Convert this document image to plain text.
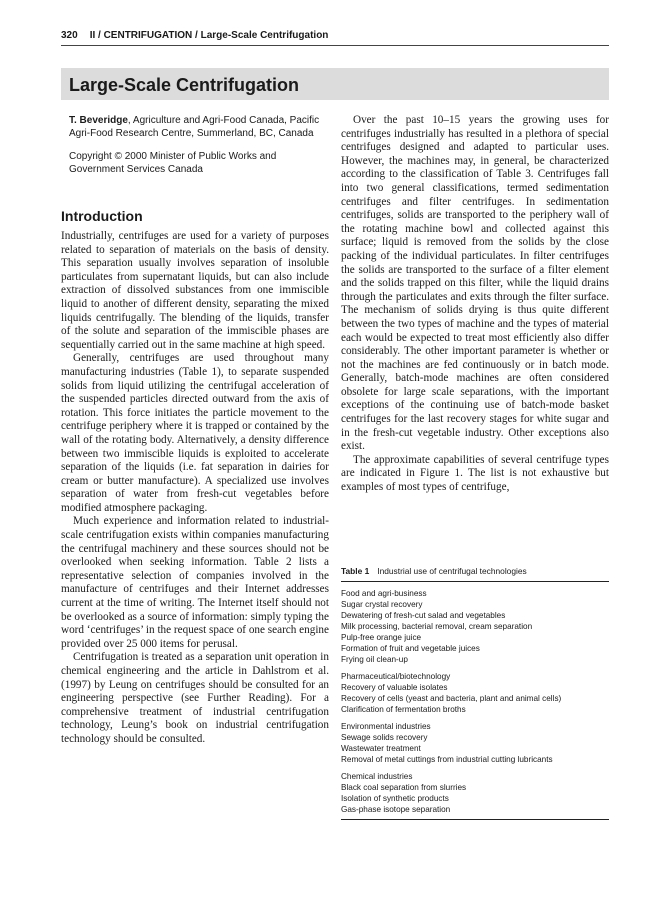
320 II / CENTRIFUGATION / Large-Scale Centrifugation
Large-Scale Centrifugation

T. Beveridge, Agriculture and Agri-Food Canada, Pacific Agri-Food Research Centre, Summerland, BC, Canada

Copyright © 2000 Minister of Public Works and Government Services Canada

Introduction

Industrially, centrifuges are used for a variety of purposes related to separation of materials on the basis of density. This separation usually involves separation of insoluble particulates from supernatant liquids, but can also include extraction of dissolved substances from one immiscible liquid to another of different density, separating the mixed liquids centrifugally. The blending of the liquids, transfer of the solute and separation of the immiscible phases are sequentially carried out in the same machine at high speed.

Generally, centrifuges are used throughout many manufacturing industries (Table 1), to separate suspended solids from liquid utilizing the centrifugal acceleration of the suspended particles directed outward from the axis of rotation. This force initiates the particle movement to the centrifuge periphery where it is trapped or contained by the wall of the rotating body. Alternatively, a density difference between two immiscible liquids is exploited to accelerate separation of the liquids (i.e. fat separation in dairies for cream or butter manufacture). A specialized use involves separation of water from fresh-cut vegetables before modified atmosphere packaging.

Much experience and information related to industrial-scale centrifugation exists within companies manufacturing the centrifugal machinery and these sources should not be overlooked when seeking information. Table 2 lists a representative selection of companies involved in the manufacture of centrifuges and their Internet addresses current at the time of writing. The Internet itself should not be overlooked as a source of information: simply typing the word ‘centrifuges’ in the request space of one search engine provided over 25 000 items for perusal.

Centrifugation is treated as a separation unit operation in chemical engineering and the article in Dahlstrom et al. (1997) by Leung on centrifuges should be consulted for an engineering perspective (see Further Reading). For a comprehensive treatment of industrial centrifugation technology, Leung’s book on industrial centrifugation technology should be consulted.

Over the past 10–15 years the growing uses for centrifuges industrially has resulted in a plethora of special centrifuges designed and adapted to particular uses. However, the machines may, in general, be characterized according to the classification of Table 3. Centrifuges fall into two general classifications, termed sedimentation centrifuges and filter centrifuges. In sedimentation centrifuges, solids are transported to the periphery wall of the rotating machine bowl and collected against this surface; liquid is removed from the solids by the close packing of the individual particulates. In filter centrifuges the solids are transported to the surface of a filter element and the solids trapped on this filter, while the liquid drains through the particulates and exits through the filter surface. The mechanism of solids drying is thus quite different between the two types of machine and the types of material each would be expected to treat most efficiently also differ considerably. The other important parameter is whether or not the machines are fed continuously or in batch mode. Generally, batch-mode machines are often considered obsolete for large scale separations, with the important exceptions of the continuing use of batch-mode basket centrifuges for the last recovery stages for white sugar and in the fresh-cut vegetable industry. Other exceptions also exist.

The approximate capabilities of several centrifuge types are indicated in Figure 1. The list is not exhaustive but examples of most types of centrifuge,

Table 1 Industrial use of centrifugal technologies
Food and agri-business
Sugar crystal recovery
Dewatering of fresh-cut salad and vegetables
Milk processing, bacterial removal, cream separation
Pulp-free orange juice
Formation of fruit and vegetable juices
Frying oil clean-up
Pharmaceutical/biotechnology
Recovery of valuable isolates
Recovery of cells (yeast and bacteria, plant and animal cells)
Clarification of fermentation broths
Environmental industries
Sewage solids recovery
Wastewater treatment
Removal of metal cuttings from industrial cutting lubricants
Chemical industries
Black coal separation from slurries
Isolation of synthetic products
Gas-phase isotope separation
